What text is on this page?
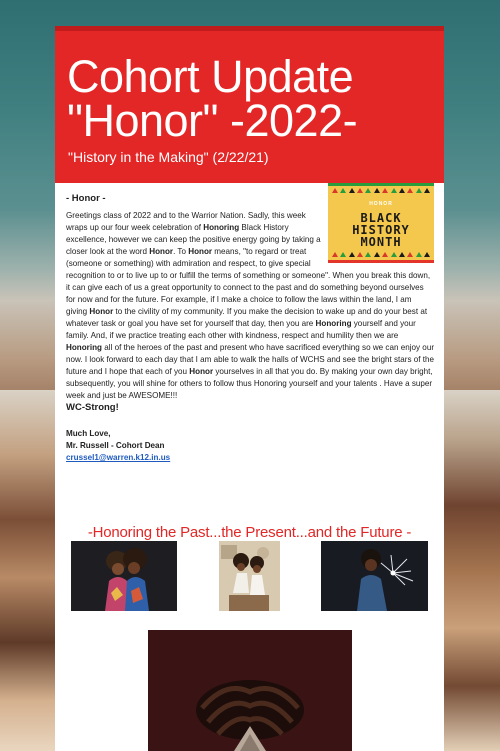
Cohort Update
"Honor" -2022-
"History in the Making" (2/22/21)
HONOR
BLACK
HISTORY
MONTH
- Honor -
Greetings class of 2022 and to the Warrior Nation. Sadly, this week wraps up our four week celebration of Honoring Black History excellence, however we can keep the positive energy going by taking a closer look at the word Honor. To Honor means, "to regard or treat (someone or something) with admiration and respect, to give special recognition to or to live up to or fulfill the terms of something or someone". When you break this down, it can give each of us a great opportunity to connect to the past and do something beyond ourselves for now and for the future. For example, if I make a choice to follow the laws within the land, I am giving Honor to the civility of my community. If you make the decision to wake up and do your best at whatever task or goal you have set for yourself that day, then you are Honoring yourself and your family. And, if we practice treating each other with kindness, respect and humility then we are Honoring all of the heroes of the past and present who have sacrificed everything so we can enjoy our now. I look forward to each day that I am able to walk the halls of WCHS and see the bright stars of the future and I hope that each of you Honor yourselves in all that you do. By making your own day bright, subsequently, you will shine for others to follow thus Honoring yourself and your talents . Have a super week and just be AWESOME!!!
WC-Strong!
Much Love,
Mr. Russell - Cohort Dean
crussel1@warren.k12.in.us
-Honoring the Past...the Present...and the Future -
